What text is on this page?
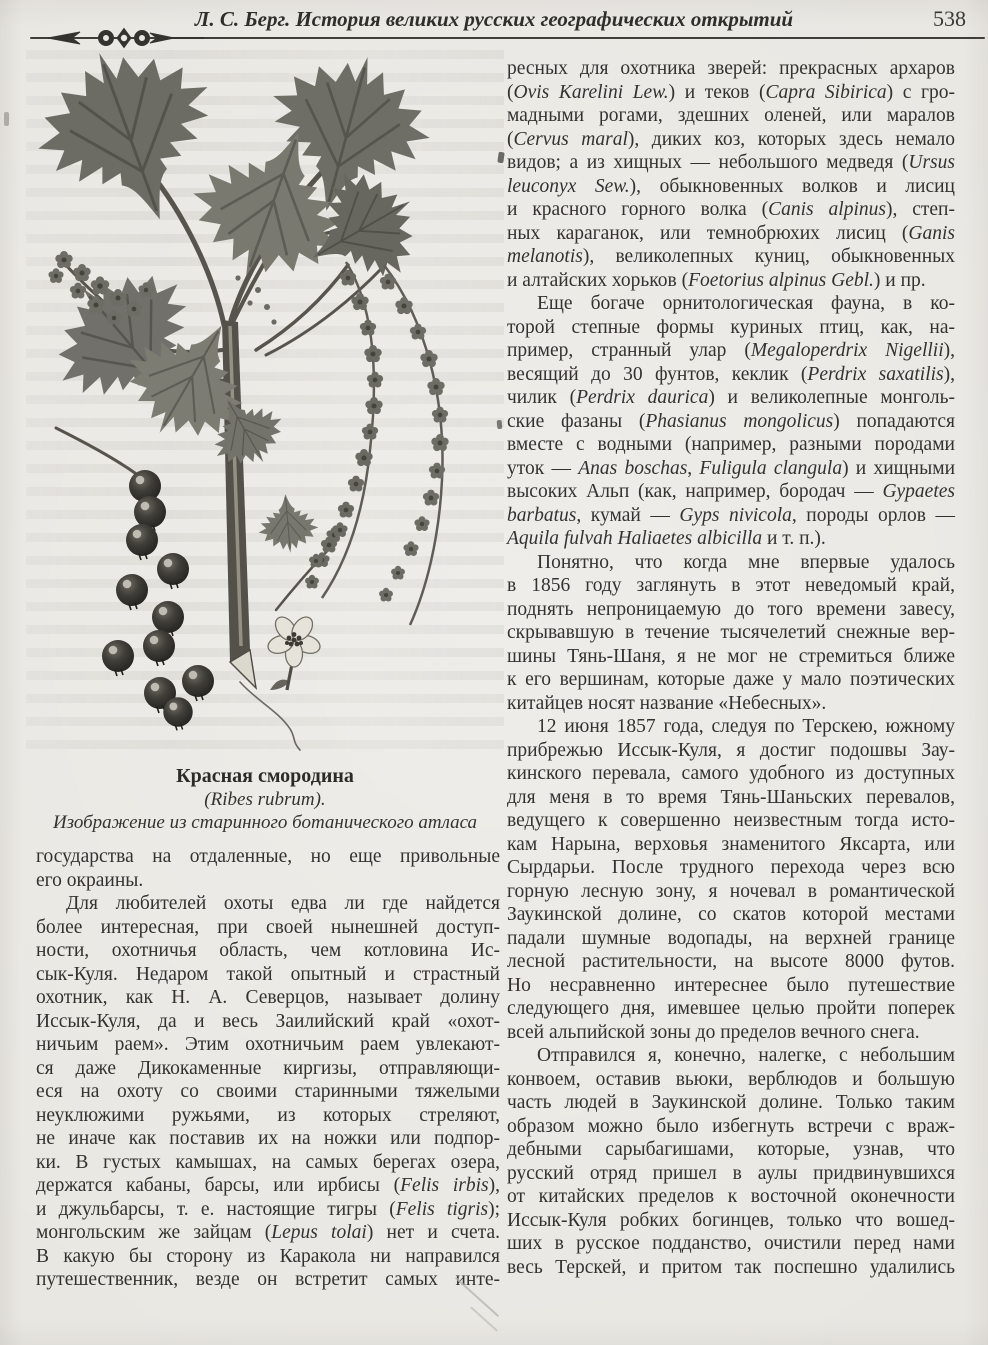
Л. С. Берг. История великих русских географических открытий	538
Красная смородина
(Ribes rubrum).
Изображение из старинного ботанического атласа
государства на отдаленные, но еще привольные
его окраины.
Для любителей охоты едва ли где найдется
более интересная, при своей нынешней доступ-
ности, охотничья область, чем котловина Ис-
сык-Куля. Недаром такой опытный и страстный
охотник, как Н. А. Северцов, называет долину
Иссык-Куля, да и весь Заилийский край «охот-
ничьим раем». Этим охотничьим раем увлекают-
ся даже Дикокаменные киргизы, отправляющи-
еся на охоту со своими старинными тяжелыми
неуклюжими ружьями, из которых стреляют,
не иначе как поставив их на ножки или подпор-
ки. В густых камышах, на самых берегах озера,
держатся кабаны, барсы, или ирбисы (Felis irbis),
и джульбарсы, т. е. настоящие тигры (Felis tigris);
монгольским же зайцам (Lepus tolai) нет и счета.
В какую бы сторону из Каракола ни направился
путешественник, везде он встретит самых инте-
ресных для охотника зверей: прекрасных архаров
(Ovis Karelini Lew.) и теков (Capra Sibirica) с гро-
мадными рогами, здешних оленей, или маралов
(Cervus maral), диких коз, которых здесь немало
видов; а из хищных — небольшого медведя (Ursus
leuconyx Sew.), обыкновенных волков и лисиц
и красного горного волка (Canis alpinus), степ-
ных караганок, или темнобрюхих лисиц (Ganis
melanotis), великолепных куниц, обыкновенных
и алтайских хорьков (Foetorius alpinus Gebl.) и пр.
Еще богаче орнитологическая фауна, в ко-
торой степные формы куриных птиц, как, на-
пример, странный улар (Megaloperdrix Nigellii),
весящий до 30 фунтов, кеклик (Perdrix saxatilis),
чилик (Perdrix daurica) и великолепные монголь-
ские фазаны (Phasianus mongolicus) попадаются
вместе с водными (например, разными породами
уток — Anas boschas, Fuligula clangula) и хищными
высоких Альп (как, например, бородач — Gypaetes
barbatus, кумай — Gyps nivicola, породы орлов —
Aquila fulvah Haliaetes albicilla и т. п.).
Понятно, что когда мне впервые удалось
в 1856 году заглянуть в этот неведомый край,
поднять непроницаемую до того времени завесу,
скрывавшую в течение тысячелетий снежные вер-
шины Тянь-Шаня, я не мог не стремиться ближе
к его вершинам, которые даже у мало поэтических
китайцев носят название «Небесных».
12 июня 1857 года, следуя по Терскею, южному
прибрежью Иссык-Куля, я достиг подошвы Зау-
кинского перевала, самого удобного из доступных
для меня в то время Тянь-Шаньских перевалов,
ведущего к совершенно неизвестным тогда исто-
кам Нарына, верховья знаменитого Яксарта, или
Сырдарьи. После трудного перехода через всю
горную лесную зону, я ночевал в романтической
Заукинской долине, со скатов которой местами
падали шумные водопады, на верхней границе
лесной растительности, на высоте 8000 футов.
Но несравненно интереснее было путешествие
следующего дня, имевшее целью пройти поперек
всей альпийской зоны до пределов вечного снега.
Отправился я, конечно, налегке, с небольшим
конвоем, оставив вьюки, верблюдов и большую
часть людей в Заукинской долине. Только таким
образом можно было избегнуть встречи с враж-
дебными сарыбагишами, которые, узнав, что
русский отряд пришел в аулы придвинувшихся
от китайских пределов к восточной оконечности
Иссык-Куля робких богинцев, только что вошед-
ших в русское подданство, очистили перед нами
весь Терскей, и притом так поспешно удалились
